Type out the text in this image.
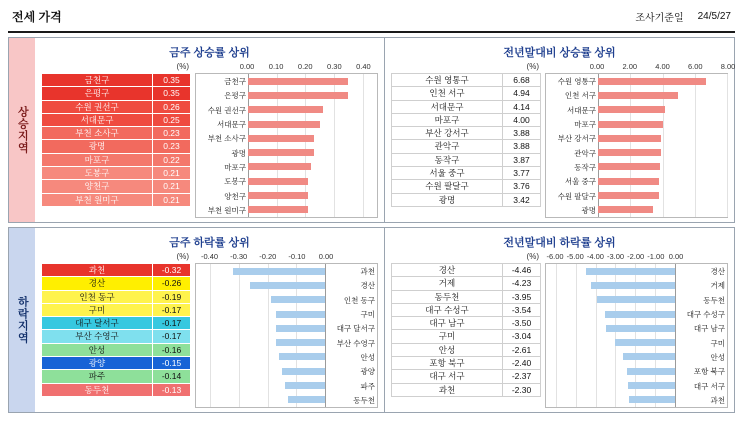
전세 가격	조사기준일 24/5/27
상승지역
금주 상승률 상위
(%)
금천구	0.35
은평구	0.35
수원 권선구	0.26
서대문구	0.25
부천 소사구	0.23
광명	0.23
마포구	0.22
도봉구	0.21
양천구	0.21
부천 원미구	0.21
0.00 0.10 0.20 0.30 0.40
금천구
은평구
수원 권선구
서대문구
부천 소사구
광명
마포구
도봉구
양천구
부천 원미구
전년말대비 상승률 상위
(%)
수원 영통구	6.68
인천 서구	4.94
서대문구	4.14
마포구	4.00
부산 강서구	3.88
관악구	3.88
동작구	3.87
서울 중구	3.77
수원 팔달구	3.76
광명	3.42
0.00 2.00 4.00 6.00 8.00
수원 영통구
인천 서구
서대문구
마포구
부산 강서구
관악구
동작구
서울 중구
수원 팔달구
광명
하락지역
금주 하락률 상위
(%)
과천	-0.32
경산	-0.26
인천 동구	-0.19
구미	-0.17
대구 달서구	-0.17
부산 수영구	-0.17
안성	-0.16
광양	-0.15
파주	-0.14
동두천	-0.13
-0.40 -0.30 -0.20 -0.10 0.00
과천
경산
인천 동구
구미
대구 달서구
부산 수영구
안성
광양
파주
동두천
전년말대비 하락률 상위
(%)
경산	-4.46
거제	-4.23
동두천	-3.95
대구 수성구	-3.54
대구 남구	-3.50
구미	-3.04
안성	-2.61
포항 북구	-2.40
대구 서구	-2.37
과천	-2.30
-6.00 -5.00 -4.00 -3.00 -2.00 -1.00 0.00
경산
거제
동두천
대구 수성구
대구 남구
구미
안성
포항 북구
대구 서구
과천
